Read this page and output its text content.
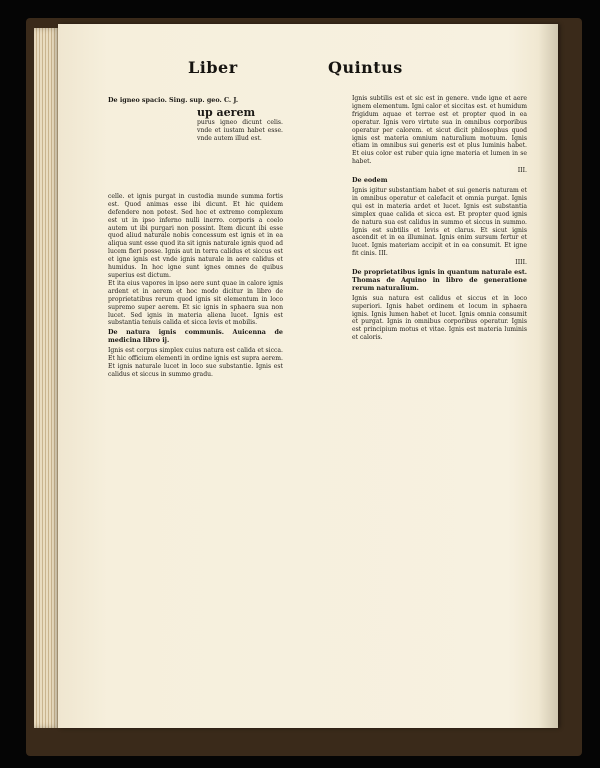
Liber	Quintus

De igneo spacio. Sing. sup. geo. C. J.

up aerem
purus igneo dicunt celis. vnde et iustam habet esse. vnde autem illud est.

celle. et ignis purgat in custodia munde summa fortis est. Quod animas esse ibi dicunt. Et hic quidem defendere non potest. Sed hoc et extremo complexum est ut in ipso inferno nulli inerro. corporis a coelo autem ut ibi purgari non possint. Item dicunt ibi esse quod aliud naturale nobis concessum est ignis et in ea aliqua sunt esse quod ita sit ignis naturale ignis quod ad lucem fieri posse. Ignis aut in terra calidus et siccus est et igne ignis est vnde ignis naturale in aere calidus et humidus. In hoc igne sunt ignes omnes de quibus superius est dictum.

Et ita eius vapores in ipso aere sunt quae in calore ignis ardent et in aerem et hoc modo dicitur in libro de proprietatibus rerum quod ignis sit elementum in loco supremo super aerem. Et sic ignis in sphaera sua non lucet. Sed ignis in materia aliena lucet. Ignis est substantia tenuis calida et sicca levis et mobilis.

De natura ignis communis. Auicenna de medicina libro ij.

Ignis est corpus simplex cuius natura est calida et sicca. Et hic officium elementi in ordine ignis est supra aerem. Et ignis naturale lucet in loco sue substantie. Ignis est calidus et siccus in summo gradu.

Ignis subtilis est et sic est in genere. vnde igne et aere ignem elementum. Igni calor et siccitas est. et humidum frigidum aquae et terrae est et propter quod in ea operatur. Ignis vero virtute sua in omnibus corporibus operatur per calorem. et sicut dicit philosophus quod ignis est materia omnium naturalium motuum. Ignis etiam in omnibus sui generis est et plus luminis habet. Et eius color est ruber quia igne materia et lumen in se habet.

III.

De eodem

Ignis igitur substantiam habet et sui generis naturam et in omnibus operatur et calefacit et omnia purgat. Ignis qui est in materia ardet et lucet. Ignis est substantia simplex quae calida et sicca est. Et propter quod ignis de natura sua est calidus in summo et siccus in summo. Ignis est subtilis et levis et clarus. Et sicut ignis ascendit et in ea illuminat. Ignis enim sursum fertur et lucet. Ignis materiam accipit et in ea consumit. Et igne fit cinis. III.

IIII.

De proprietatibus ignis in quantum naturale est. Thomas de Aquino in libro de generatione rerum naturalium.

Ignis sua natura est calidus et siccus et in loco superiori. Ignis habet ordinem et locum in sphaera ignis. Ignis lumen habet et lucet. Ignis omnia consumit et purgat. Ignis in omnibus corporibus operatur. Ignis est principium motus et vitae. Ignis est materia luminis et caloris.
